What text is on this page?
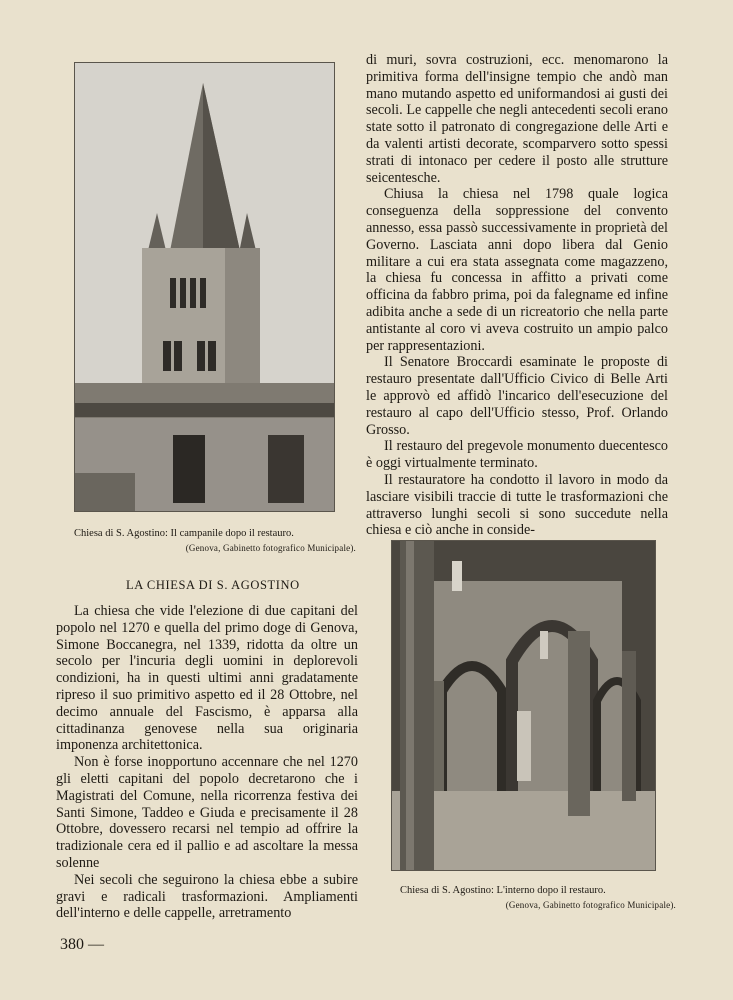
Chiesa di S. Agostino: Il campanile dopo il restauro.
(Genova, Gabinetto fotografico Municipale).
Chiesa di S. Agostino: L'interno dopo il restauro.
(Genova, Gabinetto fotografico Municipale).
LA CHIESA DI S. AGOSTINO

La chiesa che vide l'elezione di due capitani del popolo nel 1270 e quella del primo doge di Genova, Simone Boccanegra, nel 1339, ridotta da oltre un secolo per l'incuria degli uomini in deplorevoli condizioni, ha in questi ultimi anni gradatamente ripreso il suo primitivo aspetto ed il 28 Ottobre, nel decimo annuale del Fascismo, è apparsa alla cittadinanza genovese nella sua originaria imponenza architettonica.

Non è forse inopportuno accennare che nel 1270 gli eletti capitani del popolo decretarono che i Magistrati del Comune, nella ricorrenza festiva dei Santi Simone, Taddeo e Giuda e precisamente il 28 Ottobre, dovessero recarsi nel tempio ad offrire la tradizionale cera ed il pallio e ad ascoltare la messa solenne

Nei secoli che seguirono la chiesa ebbe a subire gravi e radicali trasformazioni. Ampliamenti dell'interno e delle cappelle, arretramento

di muri, sovra costruzioni, ecc. menomarono la primitiva forma dell'insigne tempio che andò man mano mutando aspetto ed uniformandosi ai gusti dei secoli. Le cappelle che negli antecedenti secoli erano state sotto il patronato di congregazione delle Arti e da valenti artisti decorate, scomparvero sotto spessi strati di intonaco per cedere il posto alle strutture seicentesche.

Chiusa la chiesa nel 1798 quale logica conseguenza della soppressione del convento annesso, essa passò successivamente in proprietà del Governo. Lasciata anni dopo libera dal Genio militare a cui era stata assegnata come magazzeno, la chiesa fu concessa in affitto a privati come officina da fabbro prima, poi da falegname ed infine adibita anche a sede di un ricreatorio che nella parte antistante al coro vi aveva costruito un ampio palco per rappresentazioni.

Il Senatore Broccardi esaminate le proposte di restauro presentate dall'Ufficio Civico di Belle Arti le approvò ed affidò l'incarico dell'esecuzione del restauro al capo dell'Ufficio stesso, Prof. Orlando Grosso.

Il restauro del pregevole monumento duecentesco è oggi virtualmente terminato.

Il restauratore ha condotto il lavoro in modo da lasciare visibili traccie di tutte le trasformazioni che attraverso lunghi secoli si sono succedute nella chiesa e ciò anche in conside-

380 —
